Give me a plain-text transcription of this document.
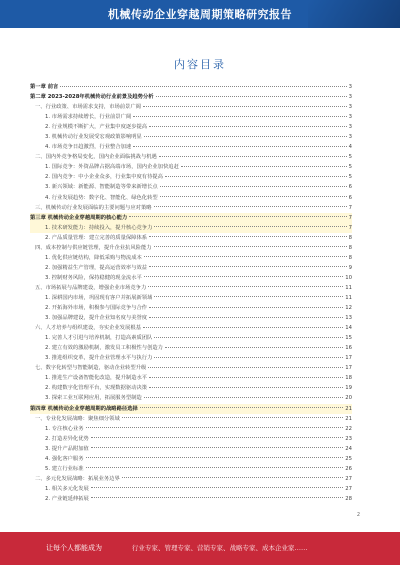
机械传动企业穿越周期策略研究报告
内容目录
第一章 前言	3
第二章 2023-2028年机械传动行业前景及趋势分析	3
一、行业政策、市场需求支持，市场前景广阔	3
1. 市场需求持续增长，行业前景广阔	3
2. 行业规模不断扩大，产业集中度逐步提高	3
3. 机械传动行业发展受宏观政策影响明显	3
4. 市场竞争日趋激烈，行业整合加速	4
二、国内外竞争格局变化，国内企业面临挑战与机遇	5
1. 国际竞争：外资品牌占据高端市场，国内企业加快追赶	5
2. 国内竞争：中小企业众多，行业集中度有待提高	5
3. 新兴领域：新能源、智能制造等带来新增长点	6
4. 行业发展趋势：数字化、智能化、绿色化转型	6
三、机械传动行业发展面临的主要问题与应对策略	7
第三章 机械传动企业穿越周期的核心能力	7
1. 技术研发能力：持续投入，提升核心竞争力	7
2. 产品质量管理：建立完善的质量保障体系	8
四、成本控制与供应链管理，提升企业抗风险能力	8
1. 优化供应链结构，降低采购与物流成本	8
2. 加强精益生产管理，提高运营效率与效益	9
3. 控制财务风险，保持稳健的现金流水平	10
五、市场拓展与品牌建设，增强企业市场竞争力	11
1. 深耕国内市场，巩固现有客户并拓展新领域	11
2. 开拓海外市场，积极参与国际竞争与合作	12
3. 加强品牌建设，提升企业知名度与美誉度	13
六、人才培养与组织建设，夯实企业发展根基	14
1. 完善人才引进与培养机制，打造高素质团队	15
2. 建立有效的激励机制，激发员工积极性与创造力	16
3. 推进组织变革，提升企业管理水平与执行力	17
七、数字化转型与智能制造，驱动企业转型升级	17
1. 推进生产设备智能化改造，提升制造水平	18
2. 构建数字化管理平台，实现数据驱动决策	19
3. 探索工业互联网应用，拓展服务型制造	20
第四章 机械传动企业穿越周期的战略路径选择	21
一、专业化发展战略：聚焦细分领域	21
1. 专注核心业务	22
2. 打造差异化优势	23
3. 提升产品附加值	24
4. 强化客户服务	25
5. 建立行业标准	26
二、多元化发展战略：拓展业务边界	27
1. 相关多元化发展	27
2. 产业链延伸拓展	28
2
让每个人都能成为	行业专家、管理专家、营销专家、战略专家、成本企业家……
